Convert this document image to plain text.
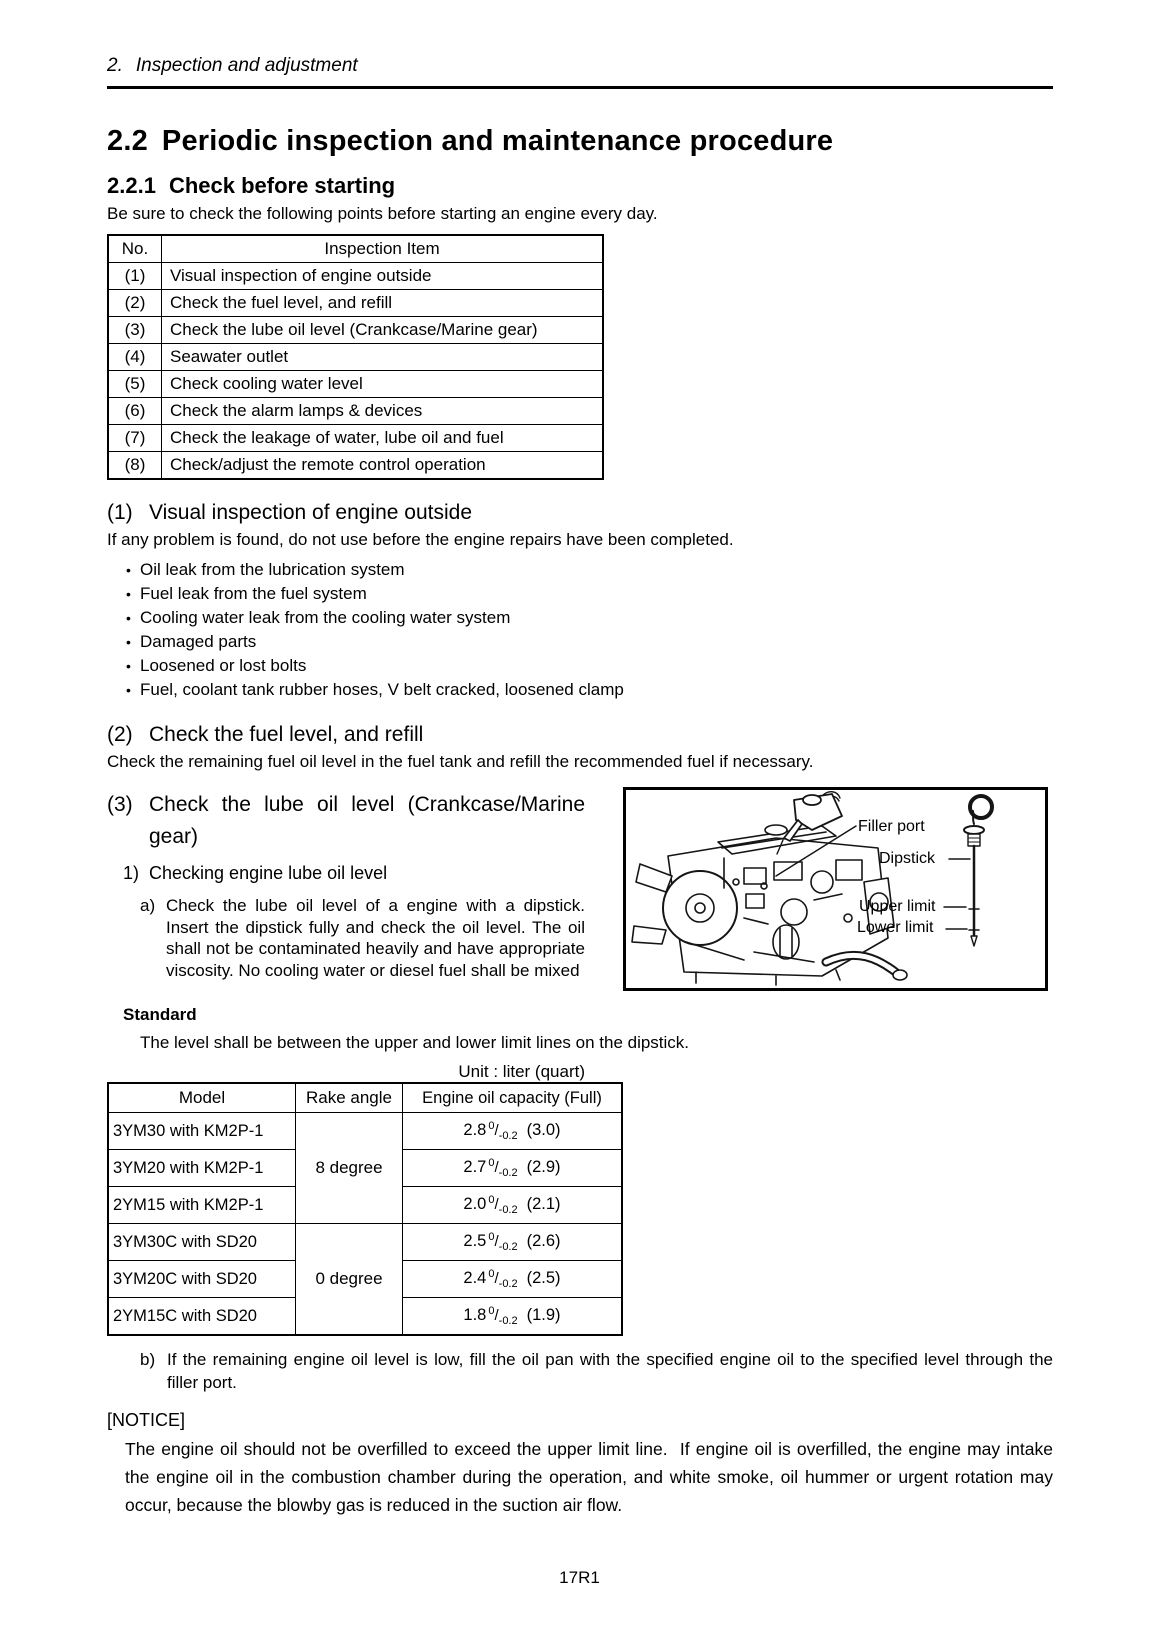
2. Inspection and adjustment
2.2 Periodic inspection and maintenance procedure
2.2.1 Check before starting

Be sure to check the following points before starting an engine every day.

No.	Inspection Item
(1)	Visual inspection of engine outside
(2)	Check the fuel level, and refill
(3)	Check the lube oil level (Crankcase/Marine gear)
(4)	Seawater outlet
(5)	Check cooling water level
(6)	Check the alarm lamps & devices
(7)	Check the leakage of water, lube oil and fuel
(8)	Check/adjust the remote control operation
(1) Visual inspection of engine outside

If any problem is found, do not use before the engine repairs have been completed.

• Oil leak from the lubrication system
• Fuel leak from the fuel system
• Cooling water leak from the cooling water system
• Damaged parts
• Loosened or lost bolts
• Fuel, coolant tank rubber hoses, V belt cracked, loosened clamp
(2) Check the fuel level, and refill

Check the remaining fuel oil level in the fuel tank and refill the recommended fuel if necessary.

(3) Check the lube oil level (Crankcase/Marine gear)
1) Checking engine lube oil level
a) Check the lube oil level of a engine with a dipstick. Insert the dipstick fully and check the oil level. The oil shall not be contaminated heavily and have appropriate viscosity. No cooling water or diesel fuel shall be mixed
Filler port
Dipstick
Upper limit
Lower limit
Standard
The level shall be between the upper and lower limit lines on the dipstick.
Unit : liter (quart)
Model	Rake angle	Engine oil capacity (Full)
3YM30 with KM2P-1	8 degree	2.8 $^0/_{-0.2}$ (3.0)
3YM20 with KM2P-1		2.7 $^0/_{-0.2}$ (2.9)
2YM15 with KM2P-1		2.0 $^0/_{-0.2}$ (2.1)
3YM30C with SD20	0 degree	2.5 $^0/_{-0.2}$ (2.6)
3YM20C with SD20		2.4 $^0/_{-0.2}$ (2.5)
2YM15C with SD20		1.8 $^0/_{-0.2}$ (1.9)
b) If the remaining engine oil level is low, fill the oil pan with the specified engine oil to the specified level through the filler port.
[NOTICE]
The engine oil should not be overfilled to exceed the upper limit line.  If engine oil is overfilled, the engine may intake the engine oil in the combustion chamber during the operation, and white smoke, oil hummer or urgent rotation may occur, because the blowby gas is reduced in the suction air flow.
17R1
